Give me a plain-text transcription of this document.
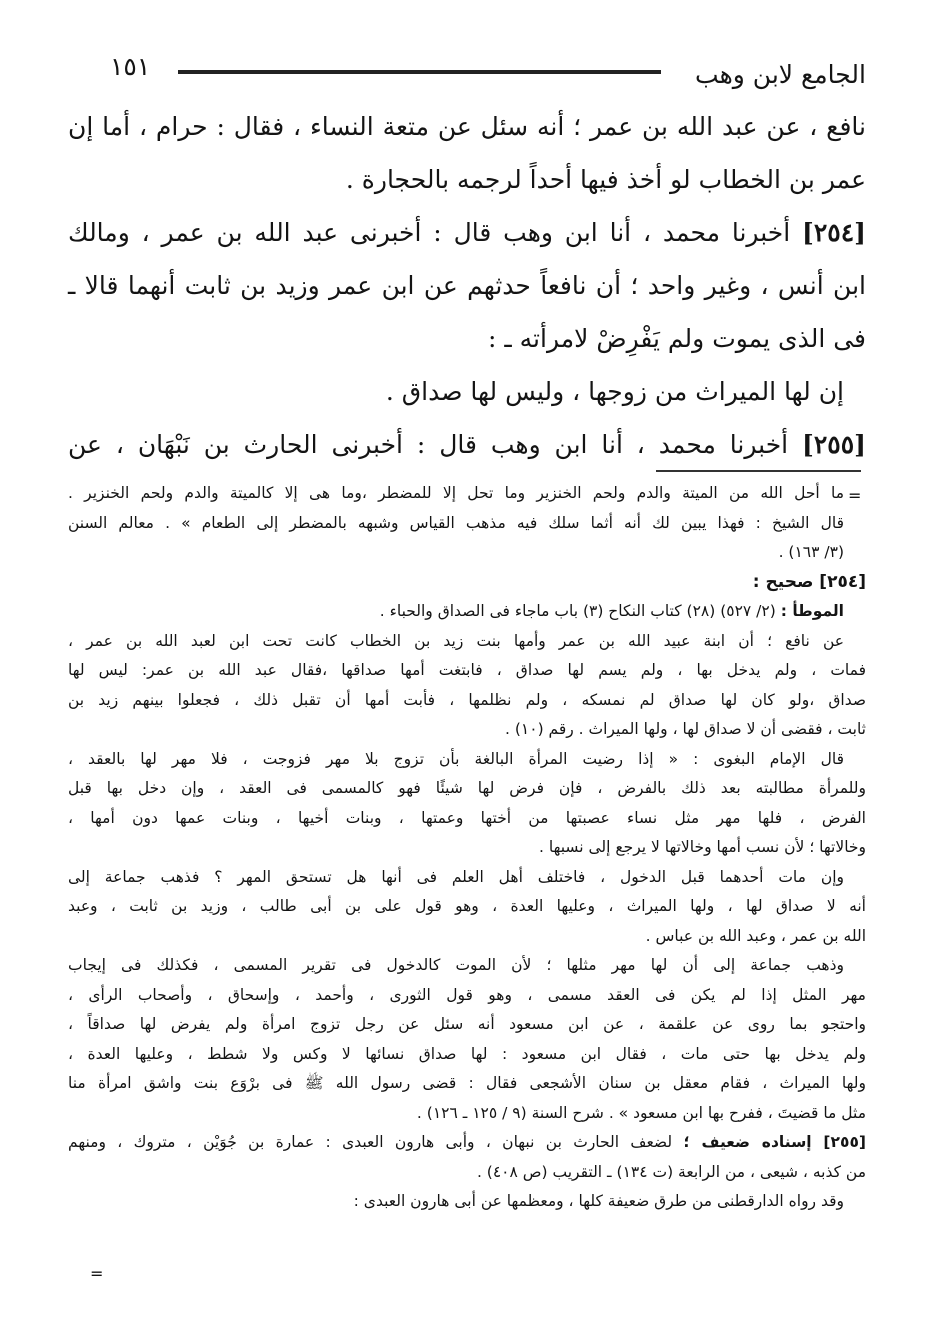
الجامع لابن وهب
١٥١

نافع ، عن عبد الله بن عمر ؛ أنه سئل عن متعة النساء ، فقال : حرام ، أما إن

عمر بن الخطاب لو أخذ فيها أحداً لرجمه بالحجارة .

[٢٥٤] أخبرنا محمد ، أنا ابن وهب قال : أخبرنى عبد الله بن عمر ، ومالك

ابن أنس ، وغير واحد ؛ أن نافعاً حدثهم عن ابن عمر وزيد بن ثابت أنهما قالا ـ

فى الذى يموت ولم يَفْرِضْ لامرأته ـ :

إن لها الميراث من زوجها ، وليس لها صداق .

[٢٥٥] أخبرنا محمد ، أنا ابن وهب قال : أخبرنى الحارث بن نَبْهَان ، عن

=

ما أحل الله من الميتة والدم ولحم الخنزير وما تحل إلا للمضطر ،وما هى إلا كالميتة والدم ولحم الخنزير .

قال الشيخ : فهذا يبين لك أنه أثما سلك فيه مذهب القياس وشبهه بالمضطر إلى الطعام » . معالم السنن

(٣/ ١٦٣) .

[٢٥٤] صحيح :

الموطأ : (٢/ ٥٢٧) (٢٨) كتاب النكاح (٣) باب ماجاء فى الصداق والحباء .

عن نافع ؛ أن ابنة عبيد الله بن عمر وأمها بنت زيد بن الخطاب كانت تحت ابن لعبد الله بن عمر ،

فمات ، ولم يدخل بها ، ولم يسم لها صداق ، فابتغت أمها صداقها ،فقال عبد الله بن عمر: ليس لها

صداق ،ولو كان لها صداق لم نمسكه ، ولم نظلمها ، فأبت أمها أن تقبل ذلك ، فجعلوا بينهم زيد بن

ثابت ، فقضى أن لا صداق لها ، ولها الميراث . رقم (١٠) .

قال الإمام البغوى : « إذا رضيت المرأة البالغة بأن تزوج بلا مهر فزوجت ، فلا مهر لها بالعقد ،

وللمرأة مطالبته بعد ذلك بالفرض ، فإن فرض لها شيئًا فهو كالمسمى فى العقد ، وإن دخل بها قبل

الفرض ، فلها مهر مثل نساء عصبتها من أختها وعمتها ، وبنات أخيها ، وبنات عمها دون أمها ،

وخالاتها ؛ لأن نسب أمها وخالاتها لا يرجع إلى نسبها .

وإن مات أحدهما قبل الدخول ، فاختلف أهل العلم فى أنها هل تستحق المهر ؟ فذهب جماعة إلى

أنه لا صداق لها ، ولها الميراث ، وعليها العدة ، وهو قول على بن أبى طالب ، وزيد بن ثابت ، وعبد

الله بن عمر ، وعبد الله بن عباس .

وذهب جماعة إلى أن لها مهر مثلها ؛ لأن الموت كالدخول فى تقرير المسمى ، فكذلك فى إيجاب

مهر المثل إذا لم يكن فى العقد مسمى ، وهو قول الثورى ، وأحمد ، وإسحاق ، وأصحاب الرأى ،

واحتجو بما روى عن علقمة ، عن ابن مسعود أنه سئل عن رجل تزوج امرأة ولم يفرض لها صداقاً ،

ولم يدخل بها حتى مات ، فقال ابن مسعود : لها صداق نسائها لا وكس ولا شطط ، وعليها العدة ،

ولها الميراث ، فقام معقل بن سنان الأشجعى فقال : قضى رسول الله ﷺ فى برْوَع بنت واشق امرأة منا

مثل ما قضيتَ ، ففرح بها ابن مسعود » . شرح السنة (٩ / ١٢٥ ـ ١٢٦) .

[٢٥٥] إسناده ضعيف ؛ لضعف الحارث بن نبهان ، وأبى هارون العبدى : عمارة بن جُوَيْن ، متروك ، ومنهم

من كذبه ، شيعى ، من الرابعة (ت ١٣٤) ـ التقريب (ص ٤٠٨) .

وقد رواه الدارقطنى من طرق ضعيفة كلها ، ومعظمها عن أبى هارون العبدى :

=
